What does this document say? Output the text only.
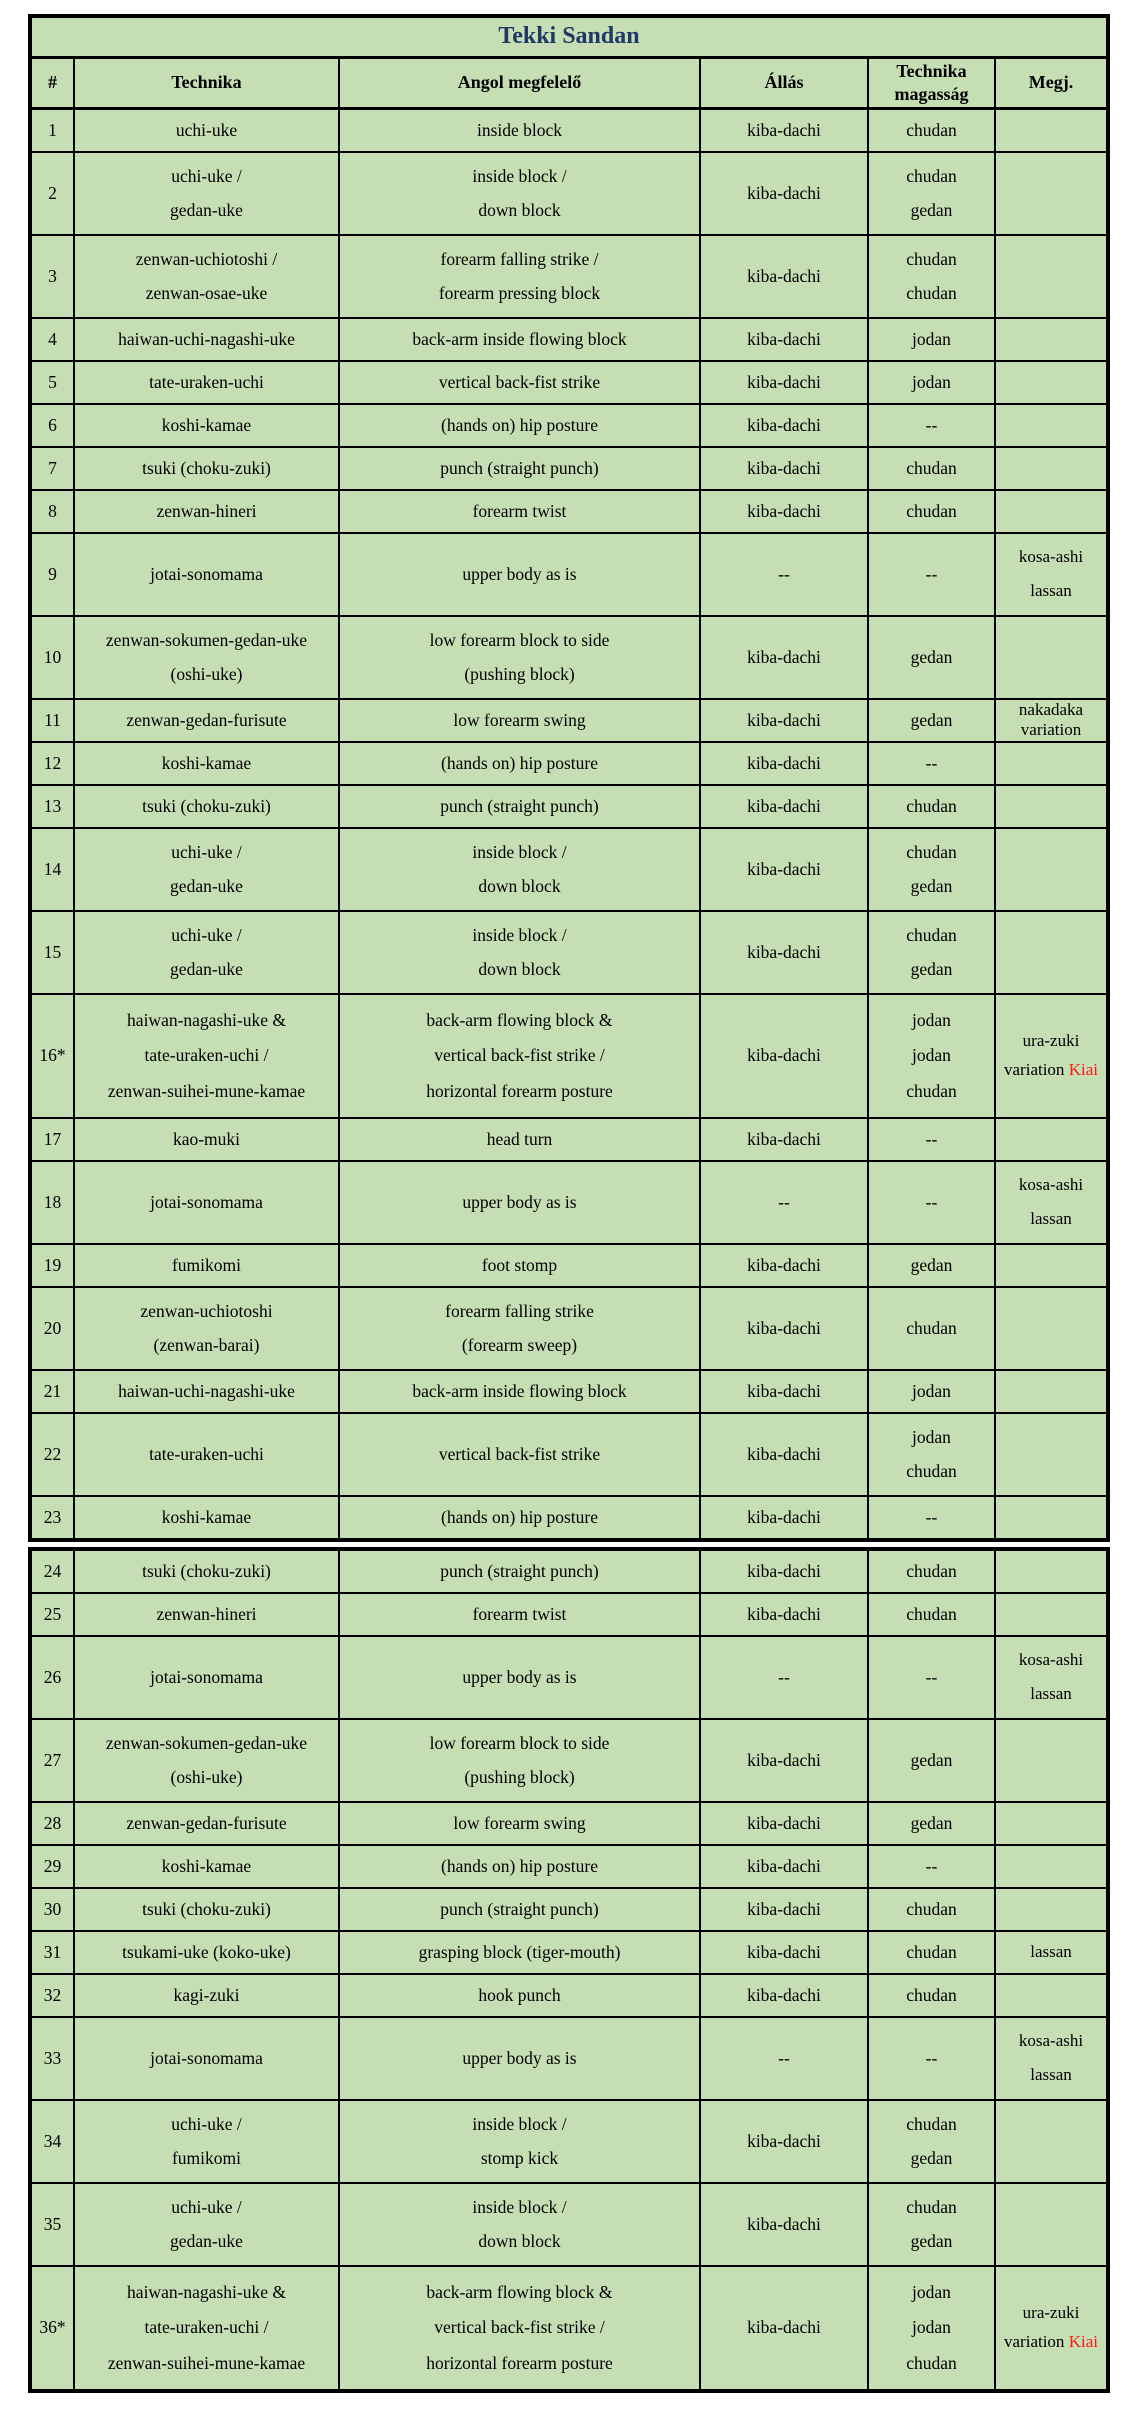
Tekki Sandan					
#	Technika	Angol megfelelő	Állás	Technika magasság	Megj.

1	uchi-uke	inside block	kiba-dachi	chudan	

2	uchi-uke /
gedan-uke	inside block /
down block	kiba-dachi	chudan
gedan	

3	zenwan-uchiotoshi /
zenwan-osae-uke	forearm falling strike /
forearm pressing block	kiba-dachi	chudan
chudan	

4	haiwan-uchi-nagashi-uke	back-arm inside flowing block	kiba-dachi	jodan	

5	tate-uraken-uchi	vertical back-fist strike	kiba-dachi	jodan	

6	koshi-kamae	(hands on) hip posture	kiba-dachi	--	

7	tsuki (choku-zuki)	punch (straight punch)	kiba-dachi	chudan	

8	zenwan-hineri	forearm twist	kiba-dachi	chudan	

9	jotai-sonomama	upper body as is	--	--	kosa-ashi
lassan

10	zenwan-sokumen-gedan-uke
(oshi-uke)	low forearm block to side
(pushing block)	kiba-dachi	gedan	

11	zenwan-gedan-furisute	low forearm swing	kiba-dachi	gedan	nakadaka
variation

12	koshi-kamae	(hands on) hip posture	kiba-dachi	--	

13	tsuki (choku-zuki)	punch (straight punch)	kiba-dachi	chudan	

14	uchi-uke /
gedan-uke	inside block /
down block	kiba-dachi	chudan
gedan	

15	uchi-uke /
gedan-uke	inside block /
down block	kiba-dachi	chudan
gedan	

16*	haiwan-nagashi-uke &
tate-uraken-uchi /
zenwan-suihei-mune-kamae	back-arm flowing block &
vertical back-fist strike /
horizontal forearm posture	kiba-dachi	jodan
jodan
chudan	ura-zuki
variation Kiai

17	kao-muki	head turn	kiba-dachi	--	

18	jotai-sonomama	upper body as is	--	--	kosa-ashi
lassan

19	fumikomi	foot stomp	kiba-dachi	gedan	

20	zenwan-uchiotoshi
(zenwan-barai)	forearm falling strike
(forearm sweep)	kiba-dachi	chudan	

21	haiwan-uchi-nagashi-uke	back-arm inside flowing block	kiba-dachi	jodan	

22	tate-uraken-uchi	vertical back-fist strike	kiba-dachi	jodan
chudan	

23	koshi-kamae	(hands on) hip posture	kiba-dachi	--	

24	tsuki (choku-zuki)	punch (straight punch)	kiba-dachi	chudan	

25	zenwan-hineri	forearm twist	kiba-dachi	chudan	

26	jotai-sonomama	upper body as is	--	--	kosa-ashi
lassan

27	zenwan-sokumen-gedan-uke
(oshi-uke)	low forearm block to side
(pushing block)	kiba-dachi	gedan	

28	zenwan-gedan-furisute	low forearm swing	kiba-dachi	gedan	

29	koshi-kamae	(hands on) hip posture	kiba-dachi	--	

30	tsuki (choku-zuki)	punch (straight punch)	kiba-dachi	chudan	

31	tsukami-uke (koko-uke)	grasping block (tiger-mouth)	kiba-dachi	chudan	lassan

32	kagi-zuki	hook punch	kiba-dachi	chudan	

33	jotai-sonomama	upper body as is	--	--	kosa-ashi
lassan

34	uchi-uke /
fumikomi	inside block /
stomp kick	kiba-dachi	chudan
gedan	

35	uchi-uke /
gedan-uke	inside block /
down block	kiba-dachi	chudan
gedan	

36*	haiwan-nagashi-uke &
tate-uraken-uchi /
zenwan-suihei-mune-kamae	back-arm flowing block &
vertical back-fist strike /
horizontal forearm posture	kiba-dachi	jodan
jodan
chudan	ura-zuki
variation Kiai
